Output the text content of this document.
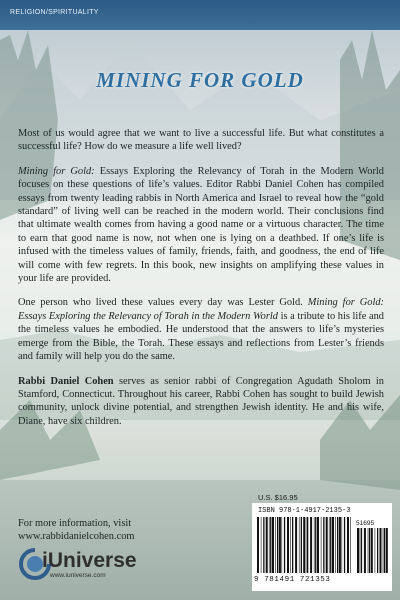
RELIGION/SPIRITUALITY

MINING FOR GOLD

Most of us would agree that we want to live a successful life. But what constitutes a successful life? How do we measure a life well lived?

Mining for Gold: Essays Exploring the Relevancy of Torah in the Modern World focuses on these questions of life’s values. Editor Rabbi Daniel Cohen has compiled essays from twenty leading rabbis in North America and Israel to reveal how the “gold standard” of living well can be reached in the modern world. Their conclusions find that ultimate wealth comes from having a good name or a virtuous character. The time to earn that good name is now, not when one is lying on a deathbed. If one’s life is infused with the timeless values of family, friends, faith, and goodness, the end of life will come with few regrets. In this book, new insights on amplifying these values in your life are provided.

One person who lived these values every day was Lester Gold. Mining for Gold: Essays Exploring the Relevancy of Torah in the Modern World is a tribute to his life and the timeless values he embodied. He understood that the answers to life’s mysteries emerge from the Bible, the Torah. These essays and reflections from Lester’s friends and family will help you do the same.

Rabbi Daniel Cohen serves as senior rabbi of Congregation Agudath Sholom in Stamford, Connecticut. Throughout his career, Rabbi Cohen has sought to build Jewish community, unlock divine potential, and strengthen Jewish identity. He and his wife, Diane, have six children.

For more information, visit
www.rabbidanielcohen.com

U.S. $16.95

ISBN 978-1-4917-2135-3

51695

9 781491 721353

iUniverse

www.iuniverse.com
